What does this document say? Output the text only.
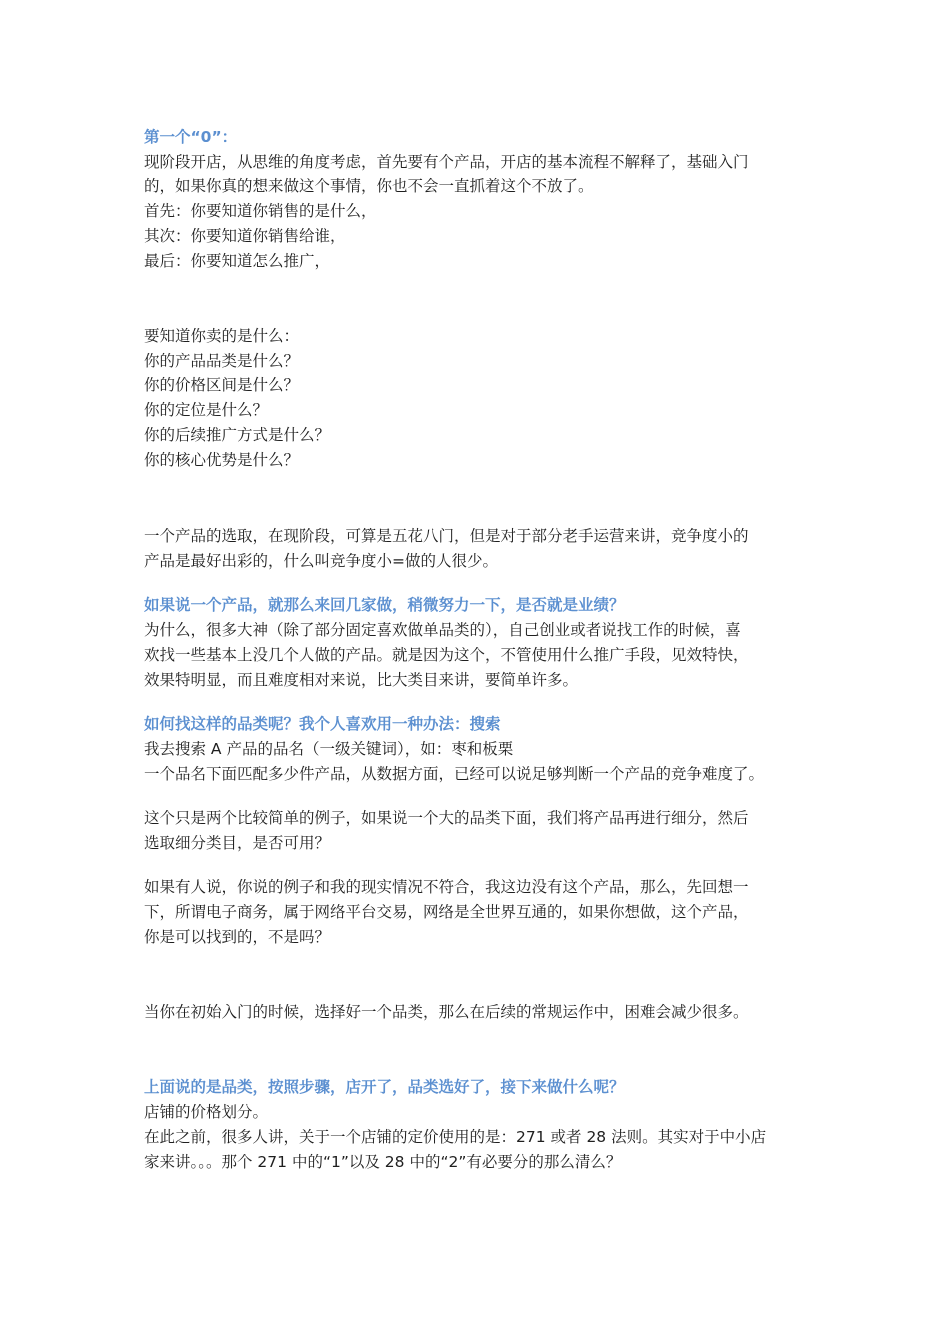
第一个“0”：
现阶段开店，从思维的角度考虑，首先要有个产品，开店的基本流程不解释了，基础入门
的，如果你真的想来做这个事情，你也不会一直抓着这个不放了。
首先：你要知道你销售的是什么，
其次：你要知道你销售给谁，
最后：你要知道怎么推广，
要知道你卖的是什么：
你的产品品类是什么？
你的价格区间是什么？
你的定位是什么？
你的后续推广方式是什么？
你的核心优势是什么？
一个产品的选取，在现阶段，可算是五花八门，但是对于部分老手运营来讲，竞争度小的
产品是最好出彩的，什么叫竞争度小=做的人很少。
如果说一个产品，就那么来回几家做，稍微努力一下，是否就是业绩？
为什么，很多大神（除了部分固定喜欢做单品类的），自己创业或者说找工作的时候，喜
欢找一些基本上没几个人做的产品。就是因为这个，不管使用什么推广手段，见效特快，
效果特明显，而且难度相对来说，比大类目来讲，要简单许多。
如何找这样的品类呢？我个人喜欢用一种办法：搜索
我去搜索 A 产品的品名（一级关键词），如：枣和板栗
一个品名下面匹配多少件产品，从数据方面，已经可以说足够判断一个产品的竞争难度了。
这个只是两个比较简单的例子，如果说一个大的品类下面，我们将产品再进行细分，然后
选取细分类目，是否可用？
如果有人说，你说的例子和我的现实情况不符合，我这边没有这个产品，那么，先回想一
下，所谓电子商务，属于网络平台交易，网络是全世界互通的，如果你想做，这个产品，
你是可以找到的，不是吗？
当你在初始入门的时候，选择好一个品类，那么在后续的常规运作中，困难会减少很多。
上面说的是品类，按照步骤，店开了，品类选好了，接下来做什么呢？
店铺的价格划分。
在此之前，很多人讲，关于一个店铺的定价使用的是：271 或者 28 法则。其实对于中小店
家来讲。。。那个 271 中的“1”以及 28 中的“2”有必要分的那么清么？
